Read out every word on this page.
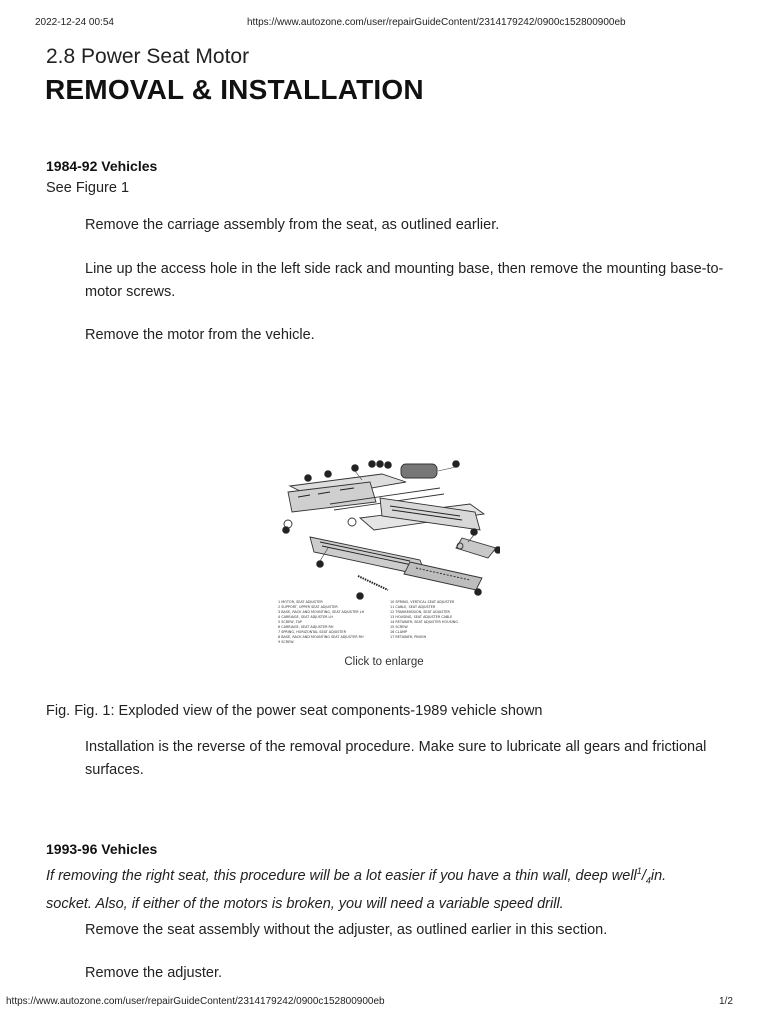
2022-12-24 00:54	https://www.autozone.com/user/repairGuideContent/2314179242/0900c152800900eb
2.8 Power Seat Motor
REMOVAL & INSTALLATION
1984-92 Vehicles
See Figure 1
Remove the carriage assembly from the seat, as outlined earlier.
Line up the access hole in the left side rack and mounting base, then remove the mounting base-to-motor screws.
Remove the motor from the vehicle.
1 MOTOR, SEAT ADJUSTER
2 SUPPORT, UPPER SEAT ADJUSTER
3 BASE, RACK AND MOUNTING, SEAT ADJUSTER LH
4 CARRIAGE, SEAT ADJUSTER LH
5 SCREW, TAP
6 CARRIAGE, SEAT ADJUSTER RH
7 SPRING, HORIZONTAL SEAT ADJUSTER
8 BASE, RACK AND MOUNTING SEAT ADJUSTER RH
9 SCREW
10 SPRING, VERTICAL SEAT ADJUSTER
11 CABLE, SEAT ADJUSTER
12 TRANSMISSION, SEAT ADJUSTER
13 HOUSING, SEAT ADJUSTER CABLE
14 RETAINER, SEAT ADJUSTER HOUSING
15 SCREW
16 CLAMP
17 RETAINER, PINION
Click to enlarge
Fig. Fig. 1: Exploded view of the power seat components-1989 vehicle shown
Installation is the reverse of the removal procedure. Make sure to lubricate all gears and frictional surfaces.
1993-96 Vehicles
If removing the right seat, this procedure will be a lot easier if you have a thin wall, deep $well^1/_4in$.
socket. Also, if either of the motors is broken, you will need a variable speed drill.
Remove the seat assembly without the adjuster, as outlined earlier in this section.
Remove the adjuster.
https://www.autozone.com/user/repairGuideContent/2314179242/0900c152800900eb	1/2
